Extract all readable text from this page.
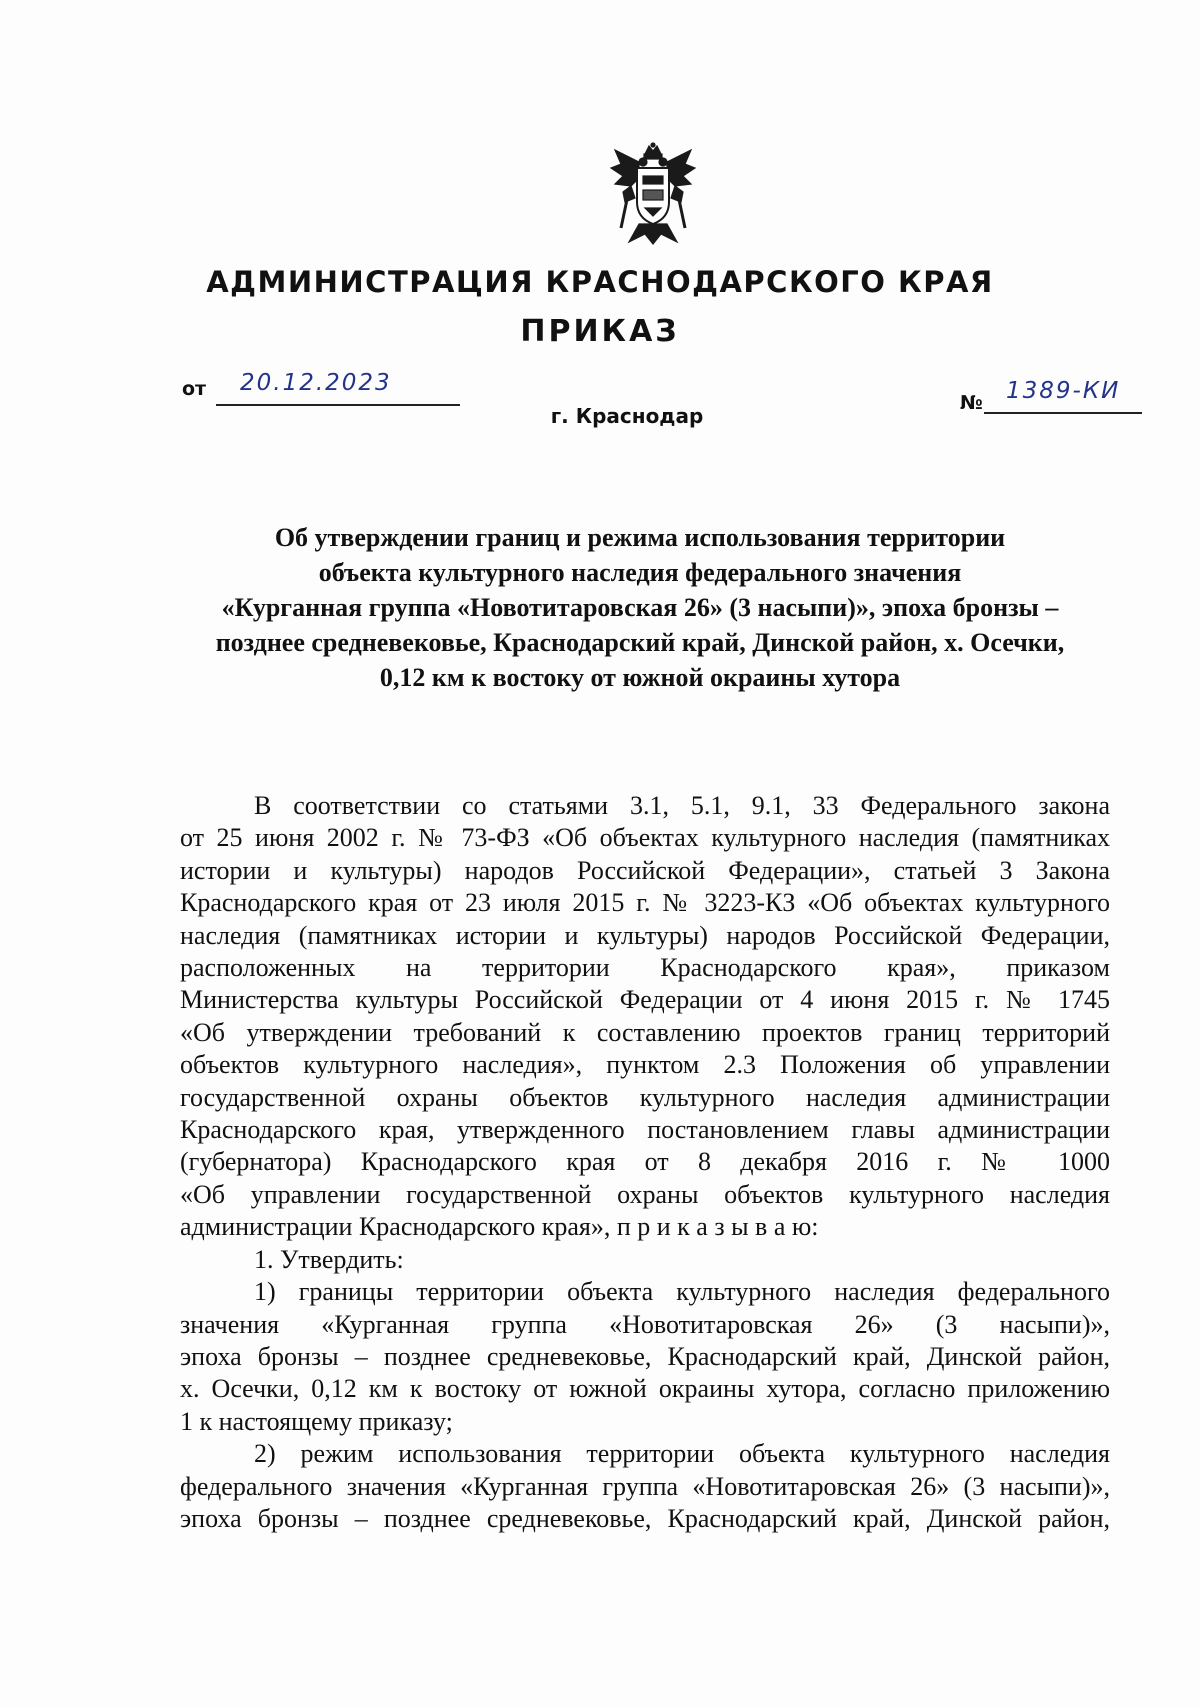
АДМИНИСТРАЦИЯ КРАСНОДАРСКОГО КРАЯ
ПРИКАЗ
от 20.12.2023
№ 1389-КИ
г. Краснодар
Об утверждении границ и режима использования территории
объекта культурного наследия федерального значения
«Курганная группа «Новотитаровская 26» (3 насыпи)», эпоха бронзы –
позднее средневековье, Краснодарский край, Динской район, х. Осечки,
0,12 км к востоку от южной окраины хутора
В соответствии со статьями 3.1, 5.1, 9.1, 33 Федерального закона
от 25 июня 2002 г. № 73-ФЗ «Об объектах культурного наследия (памятниках
истории и культуры) народов Российской Федерации», статьей 3 Закона
Краснодарского края от 23 июля 2015 г. № 3223-КЗ «Об объектах культурного
наследия (памятниках истории и культуры) народов Российской Федерации,
расположенных на территории Краснодарского края», приказом
Министерства культуры Российской Федерации от 4 июня 2015 г. № 1745
«Об утверждении требований к составлению проектов границ территорий
объектов культурного наследия», пунктом 2.3 Положения об управлении
государственной охраны объектов культурного наследия администрации
Краснодарского края, утвержденного постановлением главы администрации
(губернатора) Краснодарского края от 8 декабря 2016 г. № 1000
«Об управлении государственной охраны объектов культурного наследия
администрации Краснодарского края», п р и к а з ы в а ю:
1. Утвердить:
1) границы территории объекта культурного наследия федерального
значения «Курганная группа «Новотитаровская 26» (3 насыпи)»,
эпоха бронзы – позднее средневековье, Краснодарский край, Динской район,
х. Осечки, 0,12 км к востоку от южной окраины хутора, согласно приложению
1 к настоящему приказу;
2) режим использования территории объекта культурного наследия
федерального значения «Курганная группа «Новотитаровская 26» (3 насыпи)»,
эпоха бронзы – позднее средневековье, Краснодарский край, Динской район,
